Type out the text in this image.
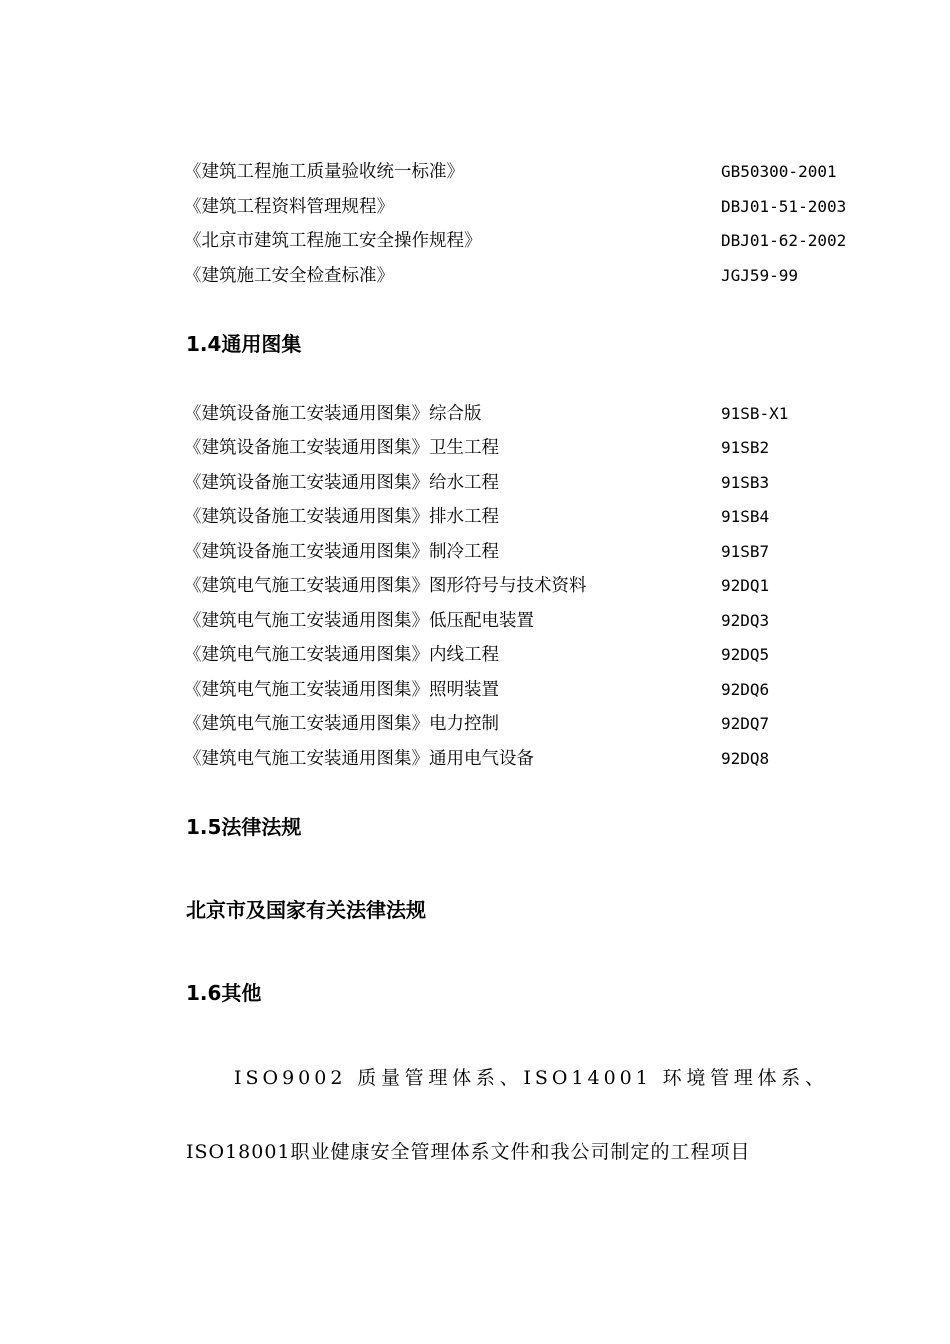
《建筑工程施工质量验收统一标准》	GB50300-2001
《建筑工程资料管理规程》	DBJ01-51-2003
《北京市建筑工程施工安全操作规程》	DBJ01-62-2002
《建筑施工安全检查标准》	JGJ59-99
1.4通用图集
《建筑设备施工安装通用图集》综合版	91SB-X1
《建筑设备施工安装通用图集》卫生工程	91SB2
《建筑设备施工安装通用图集》给水工程	91SB3
《建筑设备施工安装通用图集》排水工程	91SB4
《建筑设备施工安装通用图集》制冷工程	91SB7
《建筑电气施工安装通用图集》图形符号与技术资料	92DQ1
《建筑电气施工安装通用图集》低压配电装置	92DQ3
《建筑电气施工安装通用图集》内线工程	92DQ5
《建筑电气施工安装通用图集》照明装置	92DQ6
《建筑电气施工安装通用图集》电力控制	92DQ7
《建筑电气施工安装通用图集》通用电气设备	92DQ8
1.5法律法规
北京市及国家有关法律法规
1.6其他
ISO9002 质量管理体系、ISO14001 环境管理体系、
ISO18001职业健康安全管理体系文件和我公司制定的工程项目
